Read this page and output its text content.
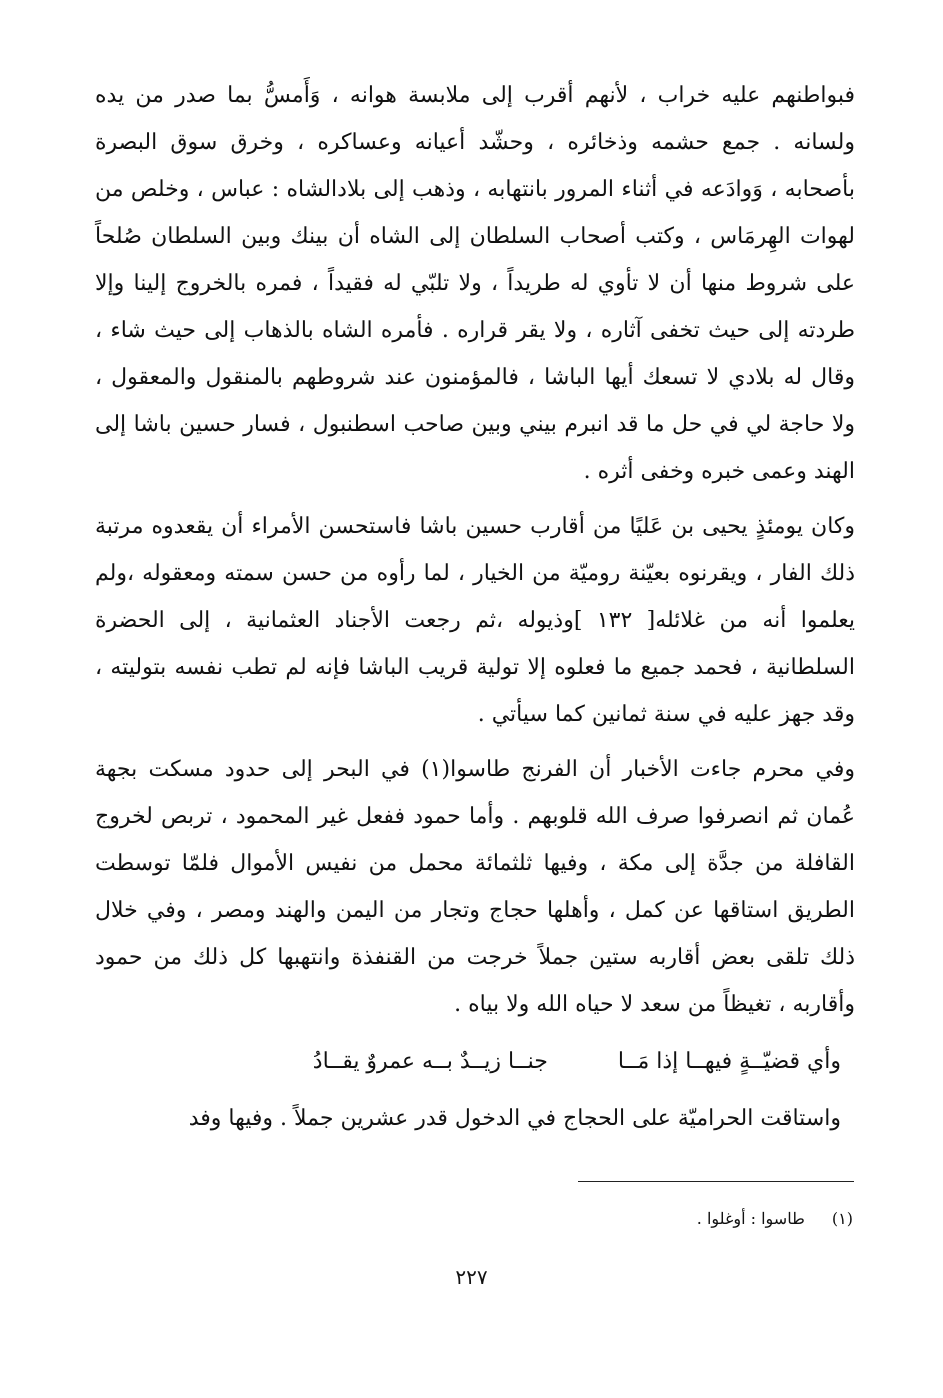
فبواطنهم عليه خراب ، لأنهم أقرب إلى ملابسة هوانه ، وَأَمسُّ بما صدر من يده ولسانه . جمع حشمه وذخائره ، وحشّد أعيانه وعساكره ، وخرق سوق البصرة بأصحابه ، وَوادَعه في أثناء المرور بانتهابه ، وذهب إلى بلادالشاه : عباس ، وخلص من لهوات الهِرمَاس ، وكتب أصحاب السلطان إلى الشاه أن بينك وبين السلطان صُلحاً على شروط منها أن لا تأوي له طريداً ، ولا تلبّي له فقيداً ، فمره بالخروج إلينا وإلا طردته إلى حيث تخفى آثاره ، ولا يقر قراره . فأمره الشاه بالذهاب إلى حيث شاء ، وقال له بلادي لا تسعك أيها الباشا ، فالمؤمنون عند شروطهم بالمنقول والمعقول ، ولا حاجة لي في حل ما قد انبرم بيني وبين صاحب اسطنبول ، فسار حسين باشا إلى الهند وعمى خبره وخفى أثره .

وكان يومئذٍ يحيى بن عَليًا من أقارب حسين باشا فاستحسن الأمراء أن يقعدوه مرتبة ذلك الفار ، ويقرنوه بعيّنة روميّة من الخيار ، لما رأوه من حسن سمته ومعقوله ،ولم يعلموا أنه من غلائله[ ١٣٢ ]وذيوله ،ثم رجعت الأجناد العثمانية ، إلى الحضرة السلطانية ، فحمد جميع ما فعلوه إلا تولية قريب الباشا فإنه لم تطب نفسه بتوليته ، وقد جهز عليه في سنة ثمانين كما سيأتي .

وفي محرم جاءت الأخبار أن الفرنج طاسوا(١) في البحر إلى حدود مسكت بجهة عُمان ثم انصرفوا صرف الله قلوبهم . وأما حمود ففعل غير المحمود ، تربص لخروج القافلة من جدَّة إلى مكة ، وفيها ثلثمائة محمل من نفيس الأموال فلمّا توسطت الطريق استاقها عن كمل ، وأهلها حجاج وتجار من اليمن والهند ومصر ، وفي خلال ذلك تلقى بعض أقاربه ستين جملاً خرجت من القنفذة وانتهبها كل ذلك من حمود وأقاربه ، تغيظاً من سعد لا حياه الله ولا بياه .

وأي قضيّــةٍ فيهــا إذا مَــا
جنــا زيــدٌ بــه عمروٌ يقــادُ

واستاقت الحراميّة على الحجاج في الدخول قدر عشرين جملاً . وفيها وفد

(١) طاسوا : أوغلوا .
٢٢٧
